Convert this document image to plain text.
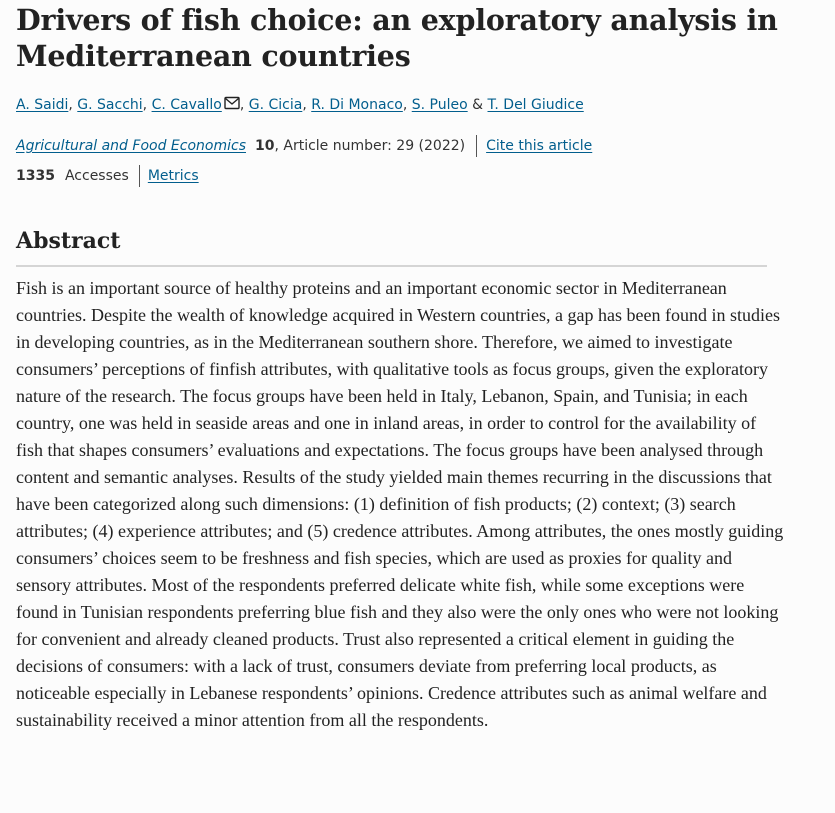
Drivers of fish choice: an exploratory analysis in Mediterranean countries
A. Saidi, G. Sacchi, C. Cavallo , G. Cicia, R. Di Monaco, S. Puleo & T. Del Giudice
Agricultural and Food Economics 10 , Article number: 29 (2022) Cite this article
1335 Accesses Metrics
Abstract

Fish is an important source of healthy proteins and an important economic sector in Mediterranean countries. Despite the wealth of knowledge acquired in Western countries, a gap has been found in studies in developing countries, as in the Mediterranean southern shore. Therefore, we aimed to investigate consumers’ perceptions of finfish attributes, with qualitative tools as focus groups, given the exploratory nature of the research. The focus groups have been held in Italy, Lebanon, Spain, and Tunisia; in each country, one was held in seaside areas and one in inland areas, in order to control for the availability of fish that shapes consumers’ evaluations and expectations. The focus groups have been analysed through content and semantic analyses. Results of the study yielded main themes recurring in the discussions that have been categorized along such dimensions: (1) definition of fish products; (2) context; (3) search attributes; (4) experience attributes; and (5) credence attributes. Among attributes, the ones mostly guiding consumers’ choices seem to be freshness and fish species, which are used as proxies for quality and sensory attributes. Most of the respondents preferred delicate white fish, while some exceptions were found in Tunisian respondents preferring blue fish and they also were the only ones who were not looking for convenient and already cleaned products. Trust also represented a critical element in guiding the decisions of consumers: with a lack of trust, consumers deviate from preferring local products, as noticeable especially in Lebanese respondents’ opinions. Credence attributes such as animal welfare and sustainability received a minor attention from all the respondents.
